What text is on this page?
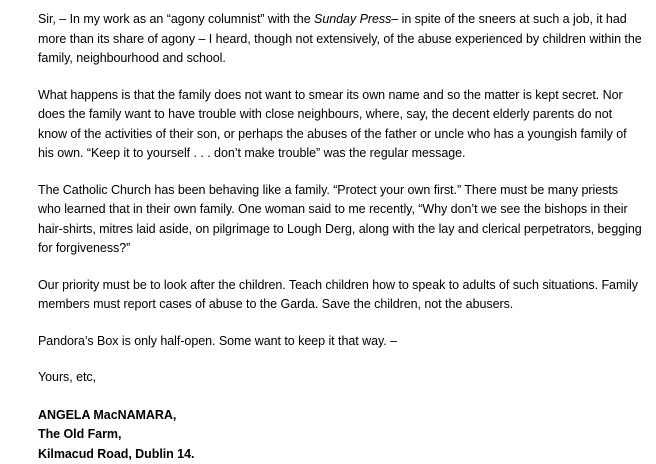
Sir, – In my work as an “agony columnist” with the Sunday Press– in spite of the sneers at such a job, it had more than its share of agony – I heard, though not extensively, of the abuse experienced by children within the family, neighbourhood and school.

What happens is that the family does not want to smear its own name and so the matter is kept secret. Nor does the family want to have trouble with close neighbours, where, say, the decent elderly parents do not know of the activities of their son, or perhaps the abuses of the father or uncle who has a youngish family of his own. “Keep it to yourself . . . don’t make trouble” was the regular message.

The Catholic Church has been behaving like a family. “Protect your own first.” There must be many priests who learned that in their own family. One woman said to me recently, “Why don’t we see the bishops in their hair-shirts, mitres laid aside, on pilgrimage to Lough Derg, along with the lay and clerical perpetrators, begging for forgiveness?”

Our priority must be to look after the children. Teach children how to speak to adults of such situations. Family members must report cases of abuse to the Garda. Save the children, not the abusers.

Pandora’s Box is only half-open. Some want to keep it that way. –

Yours, etc,

ANGELA MacNAMARA,
The Old Farm,
Kilmacud Road, Dublin 14.
